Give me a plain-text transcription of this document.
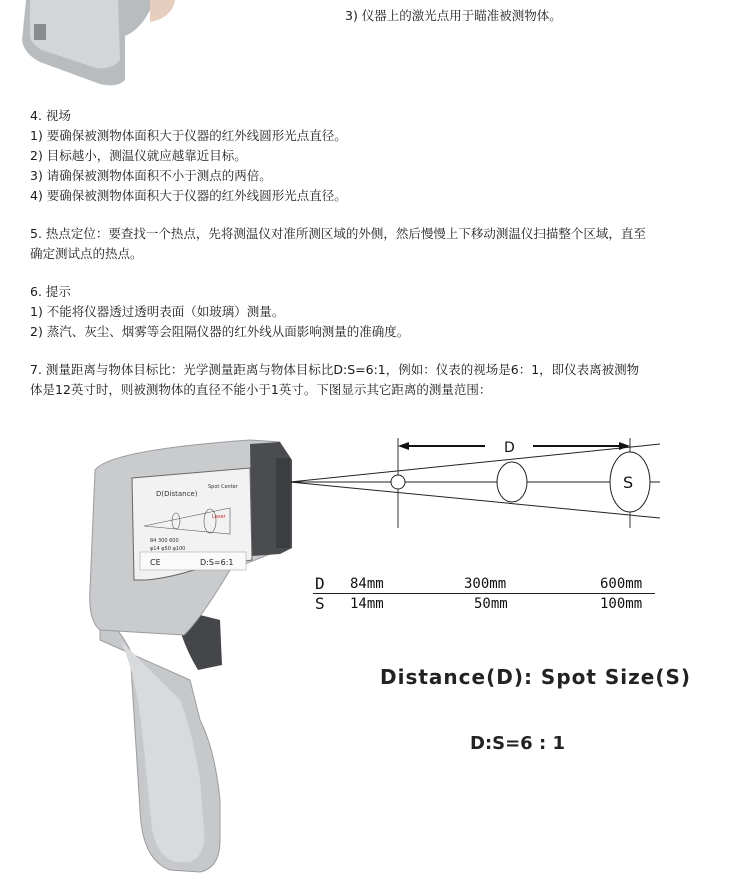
3) 仪器上的激光点用于瞄准被测物体。
4. 视场
1) 要确保被测物体面积大于仪器的红外线圆形光点直径。
2) 目标越小，测温仪就应越靠近目标。
3) 请确保被测物体面积不小于测点的两倍。
4) 要确保被测物体面积大于仪器的红外线圆形光点直径。
5. 热点定位：要查找一个热点，先将测温仪对准所测区域的外侧，然后慢慢上下移动测温仪扫描整个区域，直至
确定测试点的热点。
6. 提示
1) 不能将仪器透过透明表面（如玻璃）测量。
2) 蒸汽、灰尘、烟雾等会阻隔仪器的红外线从面影响测量的准确度。
7. 测量距离与物体目标比：光学测量距离与物体目标比D:S=6:1，例如：仪表的视场是6：1，即仪表离被测物
体是12英寸时，则被测物体的直径不能小于1英寸。下图显示其它距离的测量范围：
D(Distance)
Spot Center
Laser
84 300 600
φ14 φ50 φ100
CE	D:S=6:1
D
S
D 84mm	300mm	600mm
S 14mm	50mm	100mm
Distance(D): Spot Size(S)
D:S=6 : 1
